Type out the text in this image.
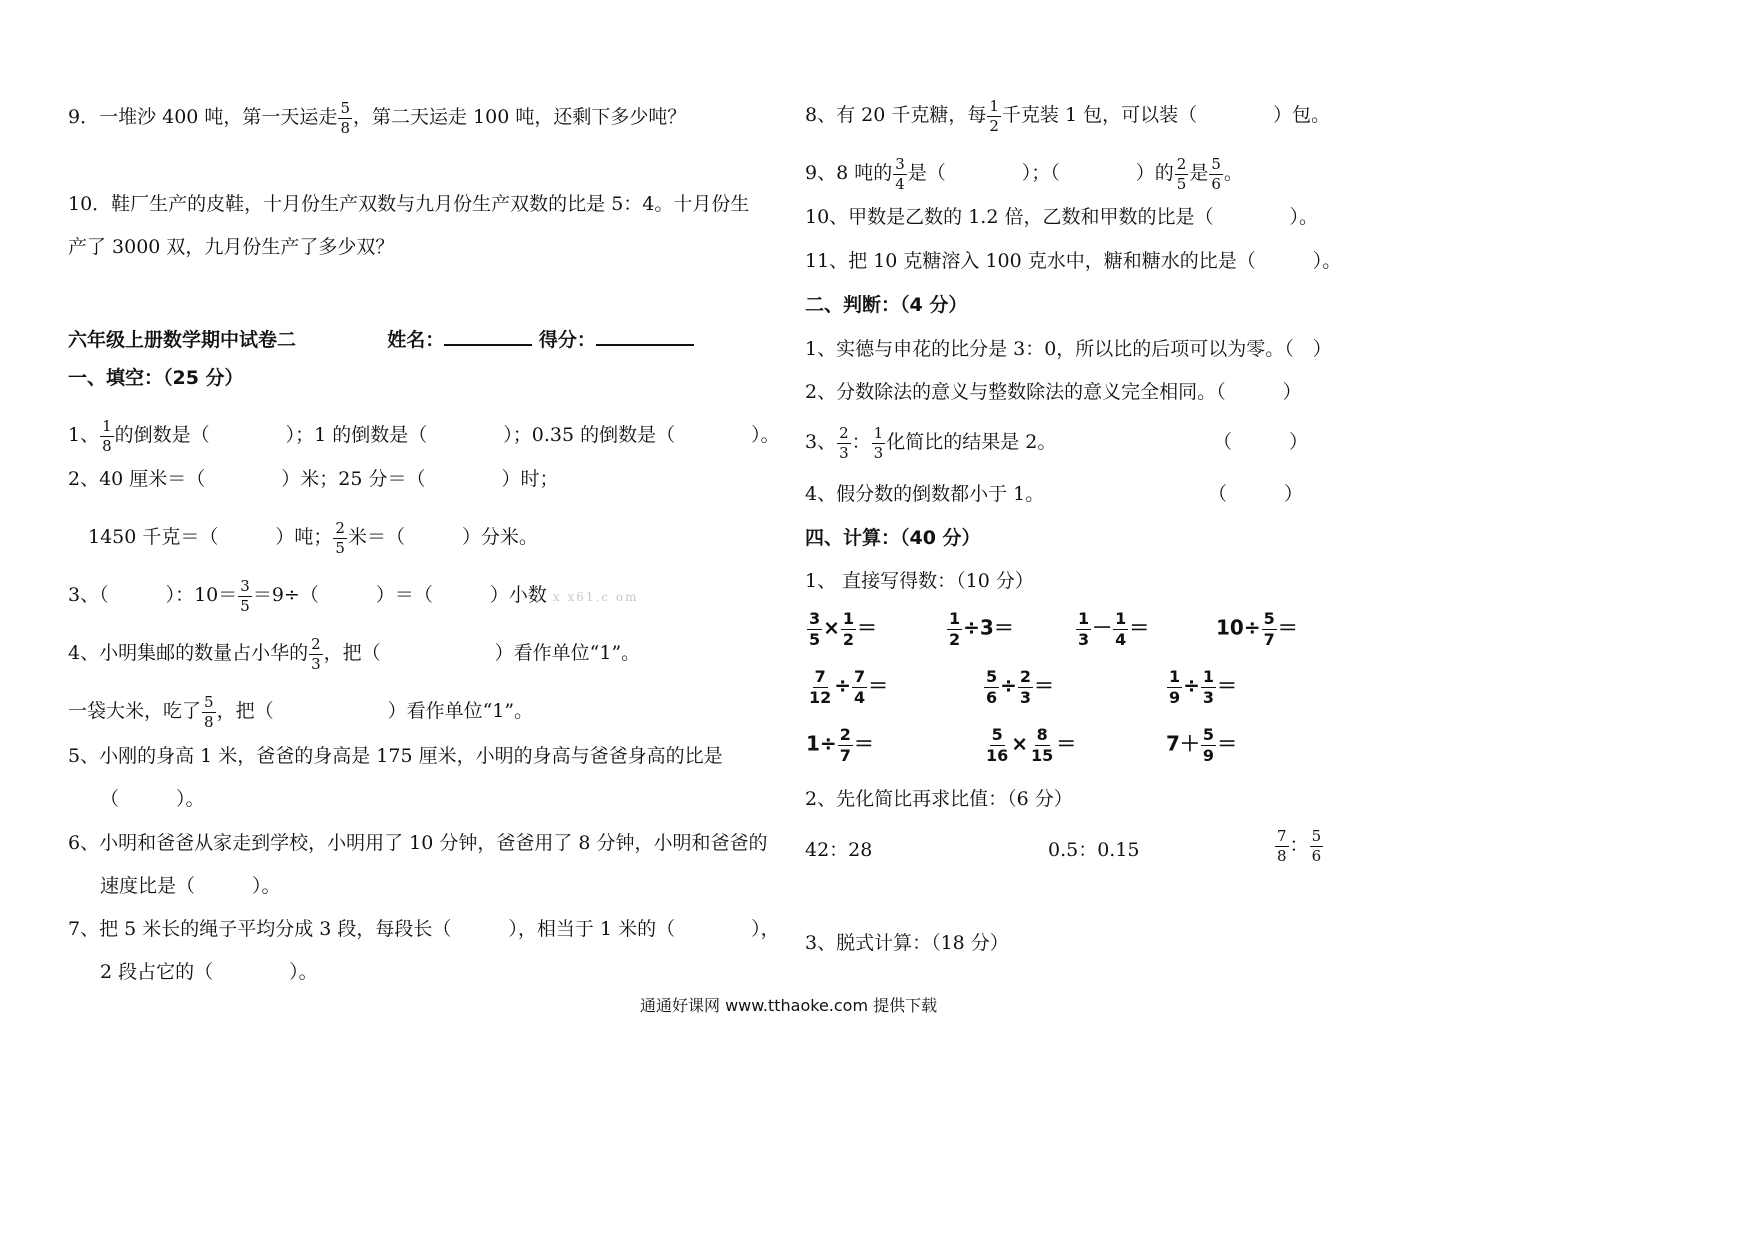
9．一堆沙 400 吨，第一天运走 $\frac{5}{8}$ ，第二天运走 100 吨，还剩下多少吨？
10．鞋厂生产的皮鞋，十月份生产双数与九月份生产双数的比是 5：4。十月份生
产了 3000 双，九月份生产了多少双？
六年级上册数学期中试卷二	姓名：	得分：
一、填空：（25 分）
1、 $\frac{1}{8}$ 的倒数是（　　　　）；1 的倒数是（　　　　）；0.35 的倒数是（　　　　）。
2、40 厘米＝（　　　　）米；25 分＝（　　　　）时；
1450 千克＝（　　　）吨； $\frac{2}{5}$ 米＝（　　　）分米。
3、（　　　）：$10= \frac{3}{5} =9\div$（　　　）＝（　　　）小数 x x61.c om
4、小明集邮的数量占小华的 $\frac{2}{3}$ ，把（　　　　　　）看作单位“1”。
一袋大米，吃了 $\frac{5}{8}$ ，把（　　　　　　）看作单位“1”。
5、小刚的身高 1 米，爸爸的身高是 175 厘米，小明的身高与爸爸身高的比是
（　　　）。
6、小明和爸爸从家走到学校，小明用了 10 分钟，爸爸用了 8 分钟，小明和爸爸的
速度比是（　　　）。
7、把 5 米长的绳子平均分成 3 段，每段长（　　　），相当于 1 米的（　　　　），
2 段占它的（　　　　）。
8、有 20 千克糖，每 $\frac{1}{2}$ 千克装 1 包，可以装（　　　　）包。
9、8 吨的 $\frac{3}{4}$ 是（　　　　）；（　　　　）的 $\frac{2}{5}$ 是 $\frac{5}{6}$ 。
10、甲数是乙数的 1.2 倍，乙数和甲数的比是（　　　　）。
11、把 10 克糖溶入 100 克水中，糖和糖水的比是（　　　）。
二、判断：（4 分）
1、实德与申花的比分是 3：0，所以比的后项可以为零。（　）
2、分数除法的意义与整数除法的意义完全相同。（　　　）
3、 $\frac{2}{3}$ ： $\frac{1}{3}$ 化简比的结果是 2。	（　　　）
4、假分数的倒数都小于 1。	（　　　）
四、计算：（40 分）
1、 直接写得数：（10 分）
$\frac{3}{5} \times \frac{1}{2}$ ＝	$\frac{1}{2} \div 3=$	$\frac{1}{3} - \frac{1}{4}$ ＝	$10\div \frac{5}{7}$ ＝
$\frac{7}{12} \div \frac{7}{4}$ ＝	$\frac{5}{6} \div \frac{2}{3}$ ＝	$\frac{1}{9} \div \frac{1}{3}$ ＝
$1\div \frac{2}{7}$ ＝	$\frac{5}{16} \times \frac{8}{15}$ ＝	$7+ \frac{5}{9}$ ＝
2、先化简比再求比值：（6 分）
42：28	0.5：0.15	$\frac{7}{8}$ ： $\frac{5}{6}$
3、脱式计算：（18 分）
通通好课网 www.tthaoke.com 提供下载
